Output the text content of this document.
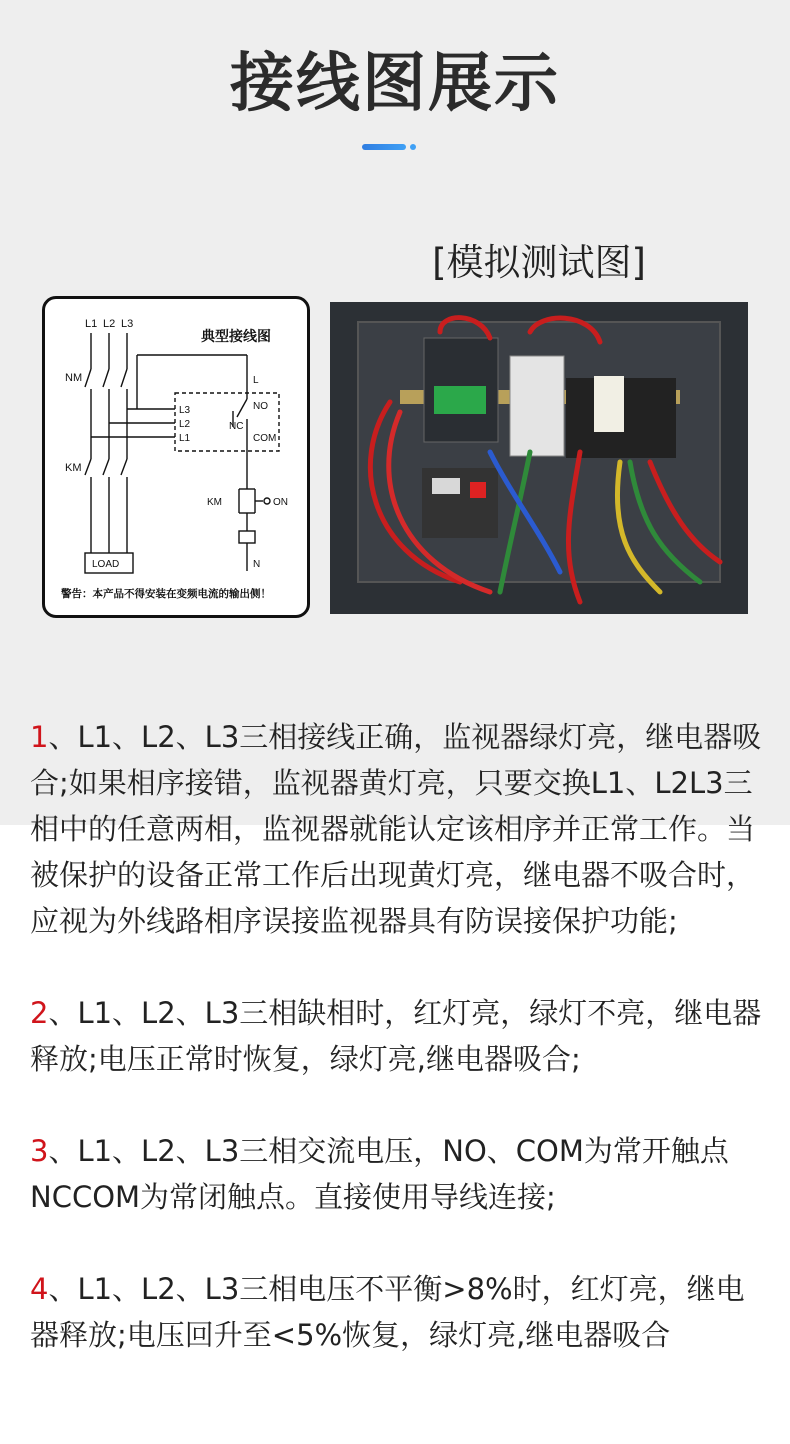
接线图展示
[模拟测试图]
典型接线图
L1 L2 L3
NM
KM
L3
L2
L1
L
NO
NC
COM
KM	ON
N
LOAD
警告：本产品不得安装在变频电流的输出侧！

1、L1、L2、L3三相接线正确，监视器绿灯亮，继电器吸合;如果相序接错，监视器黄灯亮，只要交换L1、L2L3三相中的任意两相，监视器就能认定该相序并正常工作。当被保护的设备正常工作后出现黄灯亮，继电器不吸合时，应视为外线路相序误接监视器具有防误接保护功能;

2、L1、L2、L3三相缺相时，红灯亮，绿灯不亮，继电器释放;电压正常时恢复，绿灯亮,继电器吸合;

3、L1、L2、L3三相交流电压，NO、COM为常开触点NCCOM为常闭触点。直接使用导线连接;

4、L1、L2、L3三相电压不平衡>8%时，红灯亮，继电器释放;电压回升至<5%恢复，绿灯亮,继电器吸合
